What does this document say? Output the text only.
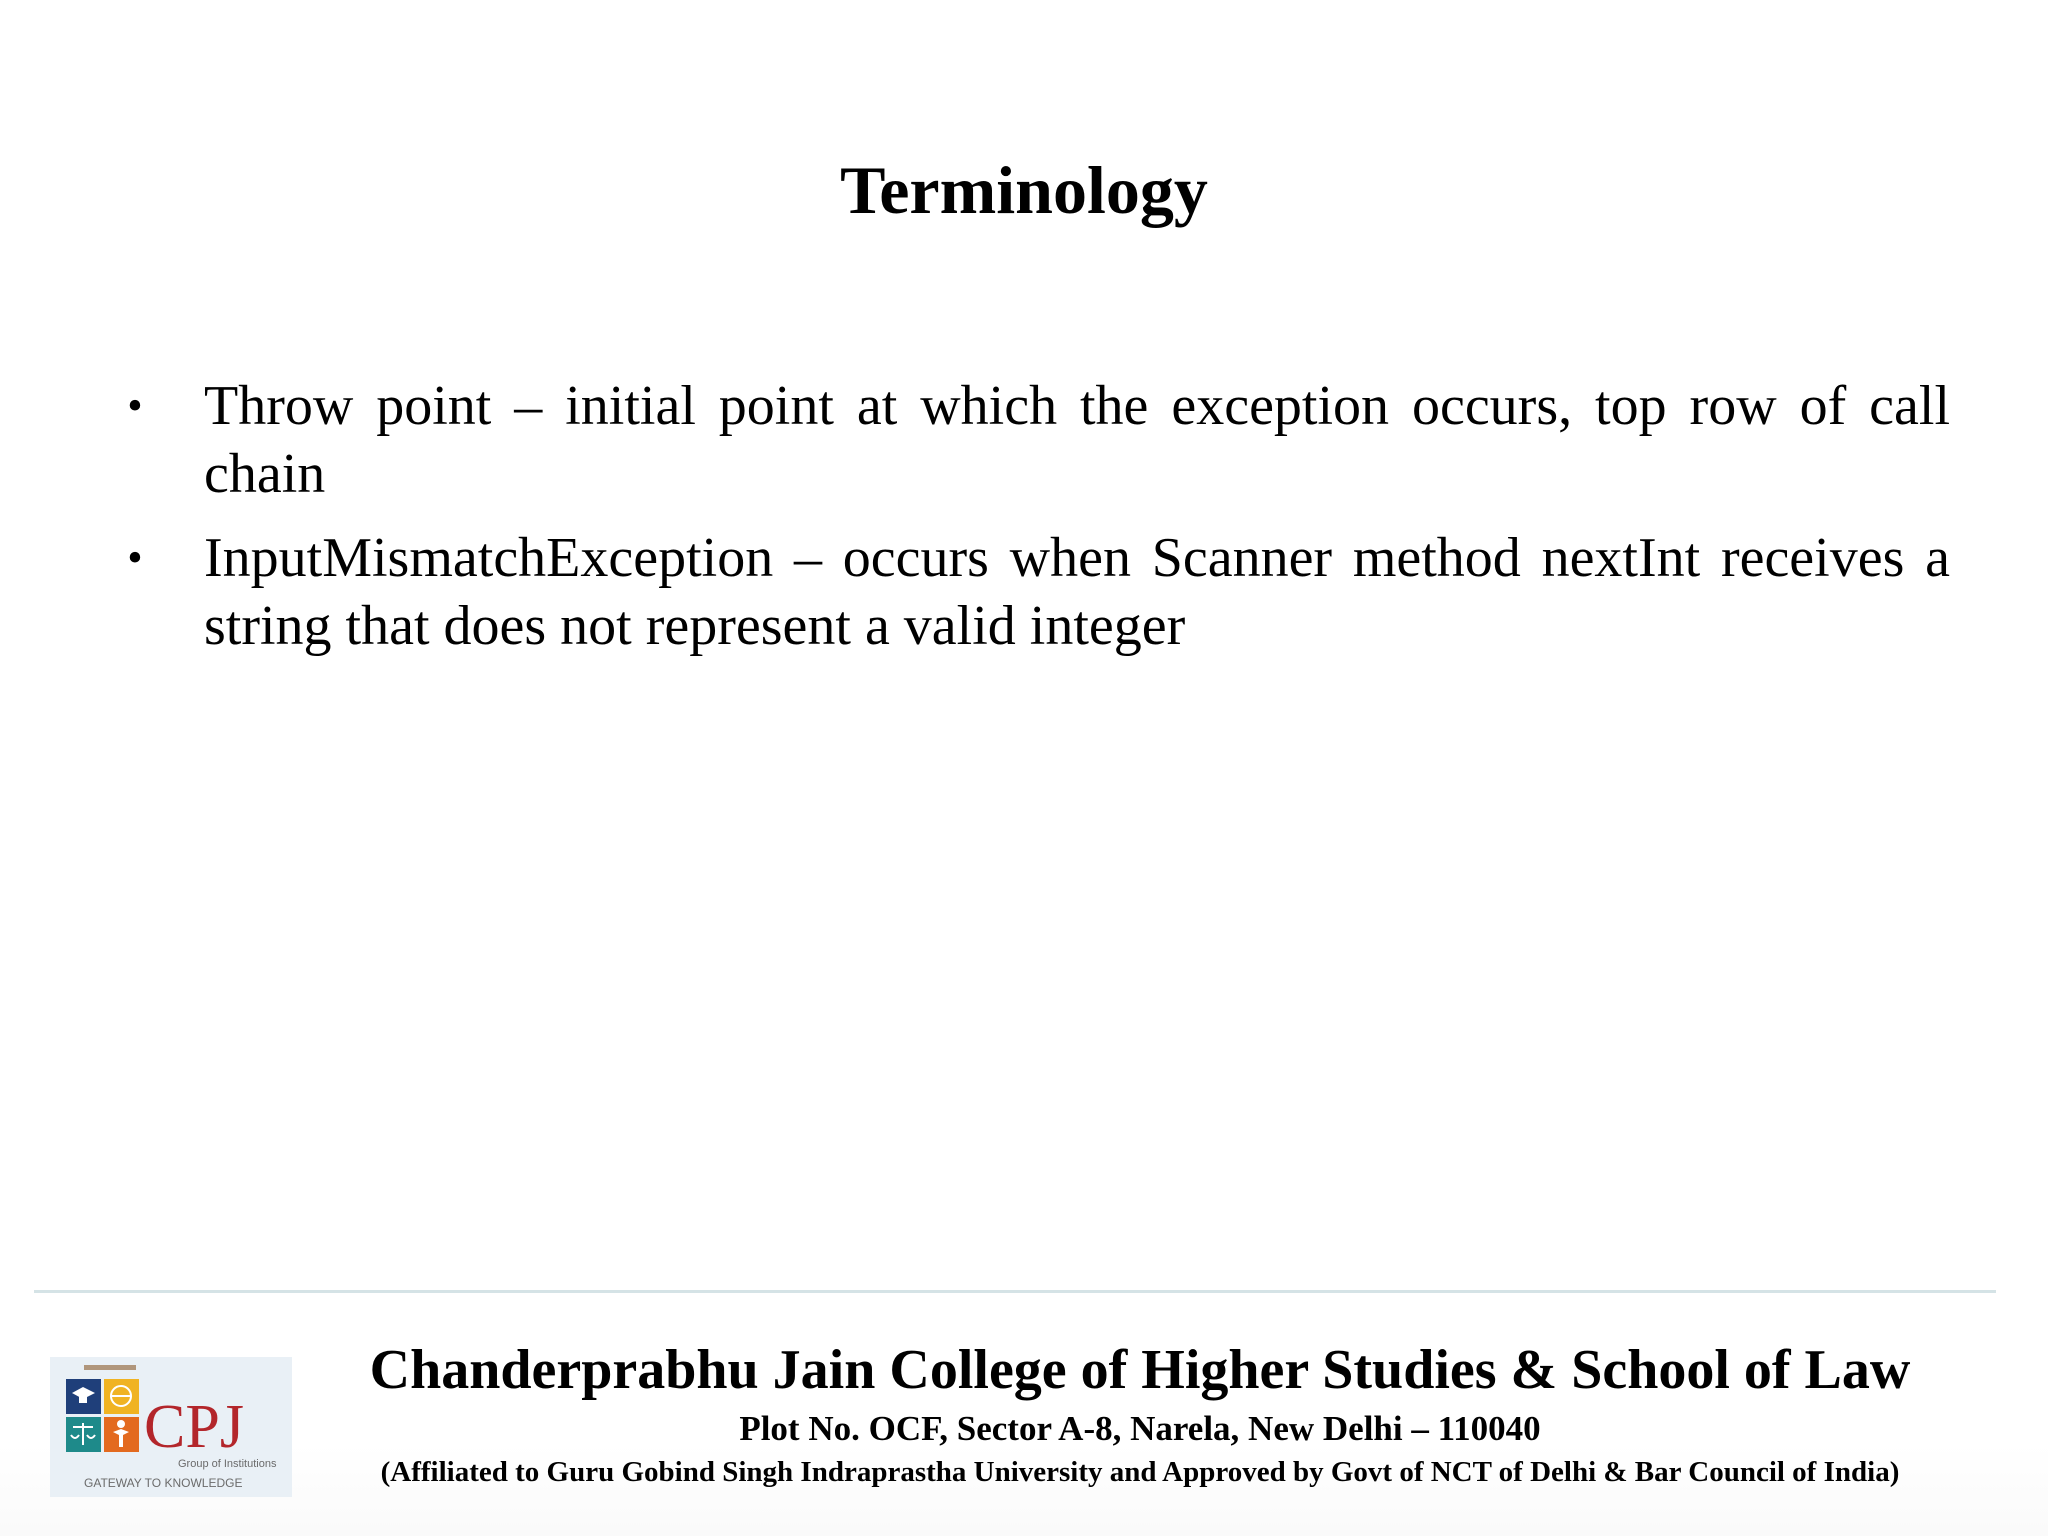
Terminology
• Throw point – initial point at which the exception occurs, top row of call chain
• InputMismatchException – occurs when Scanner method nextInt receives a string that does not represent a valid integer
CPJ
Group of Institutions
GATEWAY TO KNOWLEDGE
Chanderprabhu Jain College of Higher Studies & School of Law
Plot No. OCF, Sector A-8, Narela, New Delhi – 110040
(Affiliated to Guru Gobind Singh Indraprastha University and Approved by Govt of NCT of Delhi & Bar Council of India)
